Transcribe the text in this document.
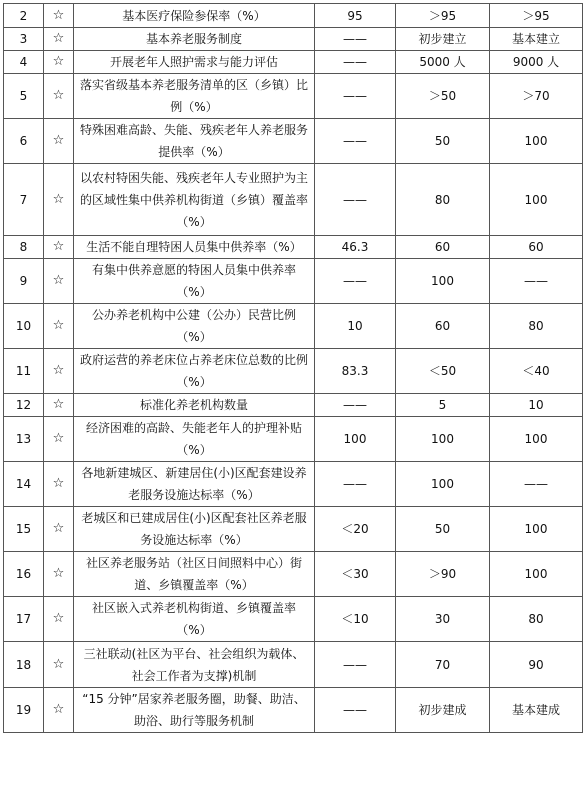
2	☆	基本医疗保险参保率（%）	95	＞95	＞95
3	☆	基本养老服务制度	——	初步建立	基本建立
4	☆	开展老年人照护需求与能力评估	——	5000 人	9000 人
5	☆	落实省级基本养老服务清单的区（乡镇）比例（%）	——	＞50	＞70
6	☆	特殊困难高龄、失能、残疾老年人养老服务提供率（%）	——	50	100
7	☆	以农村特困失能、残疾老年人专业照护为主的区域性集中供养机构街道（乡镇）覆盖率（%）	——	80	100
8	☆	生活不能自理特困人员集中供养率（%）	46.3	60	60
9	☆	有集中供养意愿的特困人员集中供养率（%）	——	100	——
10	☆	公办养老机构中公建（公办）民营比例（%）	10	60	80
11	☆	政府运营的养老床位占养老床位总数的比例（%）	83.3	＜50	＜40
12	☆	标准化养老机构数量	——	5	10
13	☆	经济困难的高龄、失能老年人的护理补贴（%）	100	100	100
14	☆	各地新建城区、新建居住(小)区配套建设养老服务设施达标率（%）	——	100	——
15	☆	老城区和已建成居住(小)区配套社区养老服务设施达标率（%）	＜20	50	100
16	☆	社区养老服务站（社区日间照料中心）街道、乡镇覆盖率（%）	＜30	＞90	100
17	☆	社区嵌入式养老机构街道、乡镇覆盖率（%）	＜10	30	80
18	☆	三社联动(社区为平台、社会组织为载体、社会工作者为支撑)机制	——	70	90
19	☆	“15 分钟”居家养老服务圈，助餐、助洁、助浴、助行等服务机制	——	初步建成	基本建成
